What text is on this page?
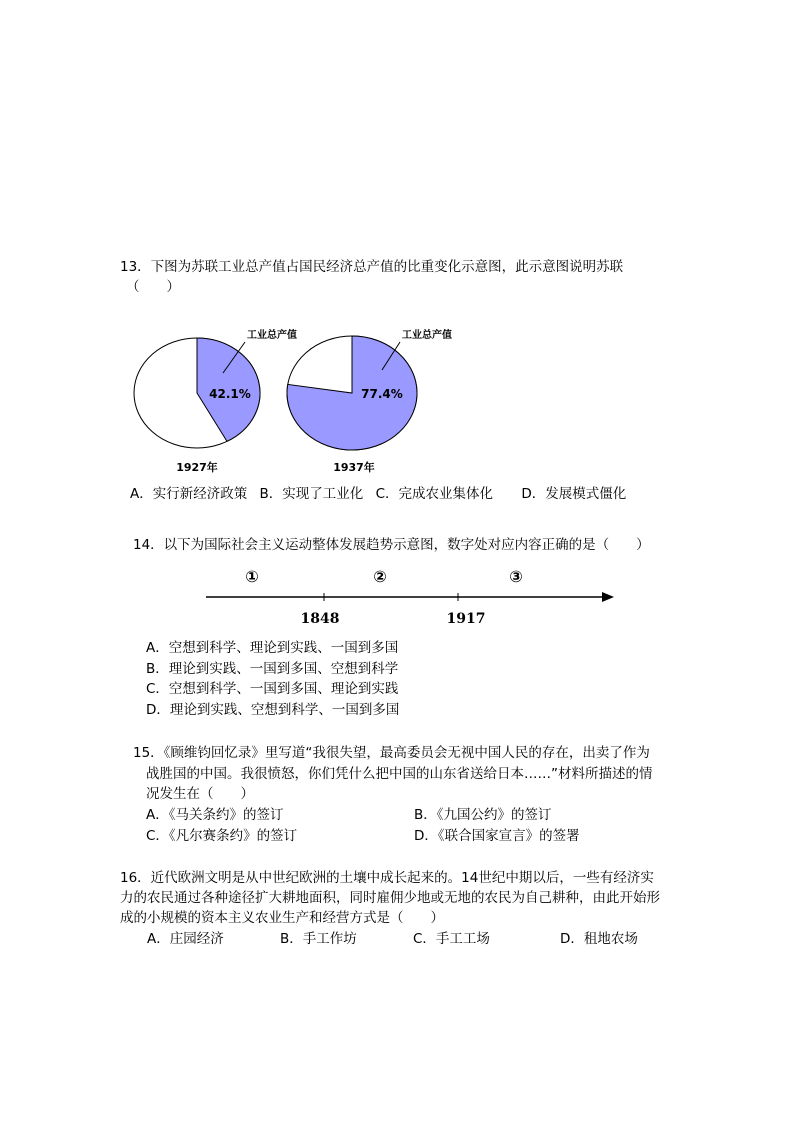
13．下图为苏联工业总产值占国民经济总产值的比重变化示意图，此示意图说明苏联
（　　）
42.1%
工业总产值
1927年
77.4%
工业总产值
1937年
A．实行新经济政策 B．实现了工业化 C．完成农业集体化 D．发展模式僵化
14．以下为国际社会主义运动整体发展趋势示意图，数字处对应内容正确的是（　　）
①	②	③
1848	1917
A．空想到科学、理论到实践、一国到多国
B．理论到实践、一国到多国、空想到科学
C．空想到科学、一国到多国、理论到实践
D．理论到实践、空想到科学、一国到多国
15．《顾维钧回忆录》里写道“我很失望，最高委员会无视中国人民的存在，出卖了作为
战胜国的中国。我很愤怒，你们凭什么把中国的山东省送给日本……”材料所描述的情
况发生在（　　）
A．《马关条约》的签订	B．《九国公约》的签订
C．《凡尔赛条约》的签订	D．《联合国家宣言》的签署
16．近代欧洲文明是从中世纪欧洲的土壤中成长起来的。14世纪中期以后，一些有经济实
力的农民通过各种途径扩大耕地面积，同时雇佣少地或无地的农民为自己耕种，由此开始形
成的小规模的资本主义农业生产和经营方式是（　　）
A．庄园经济	B．手工作坊	C．手工工场	D．租地农场
